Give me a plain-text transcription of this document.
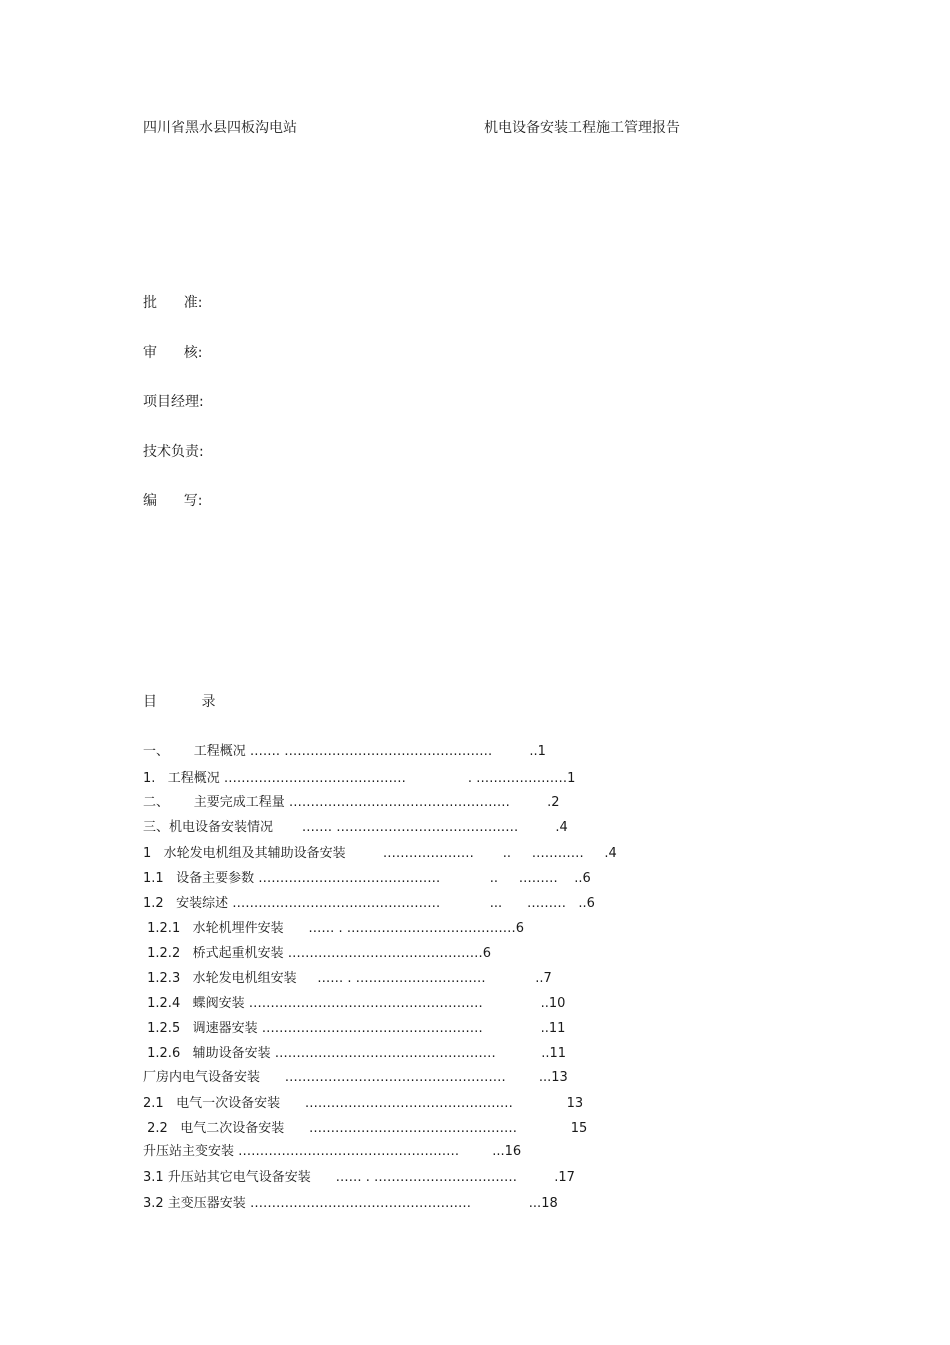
四川省黑水县四板沟电站	机电设备安装工程施工管理报告
批      准:
审      核:
项目经理:
技术负责:
编      写:
目          录
一、      工程概况 ……. …………………………………………         ..1
1.   工程概况 ……………………………………               . …………………1
二、      主要完成工程量 ……………………………………………         .2
三、机电设备安装情况       ……. ……………………………………         .4
1   水轮发电机组及其辅助设备安装         …………………       ..     …………     .4
1.1   设备主要参数 ……………………………………            ..     ………    ..6
1.2   安装综述 …………………………………………            ...      ………   ..6
1.2.1   水轮机埋件安装      …… . …………………………………6
1.2.2   桥式起重机安装 ………………………………………6
1.2.3   水轮发电机组安装     …… . …………………………            ..7
1.2.4   蝶阀安装 ………………………………………………              ..10
1.2.5   调速器安装 ……………………………………………              ..11
1.2.6   辅助设备安装 ……………………………………………           ..11
厂房内电气设备安装      ……………………………………………        ...13
2.1   电气一次设备安装      …………………………………………             13
2.2   电气二次设备安装      …………………………………………             15
升压站主变安装 ……………………………………………        ...16
3.1 升压站其它电气设备安装      …… . ……………………………         .17
3.2 主变压器安装 ……………………………………………              ...18
